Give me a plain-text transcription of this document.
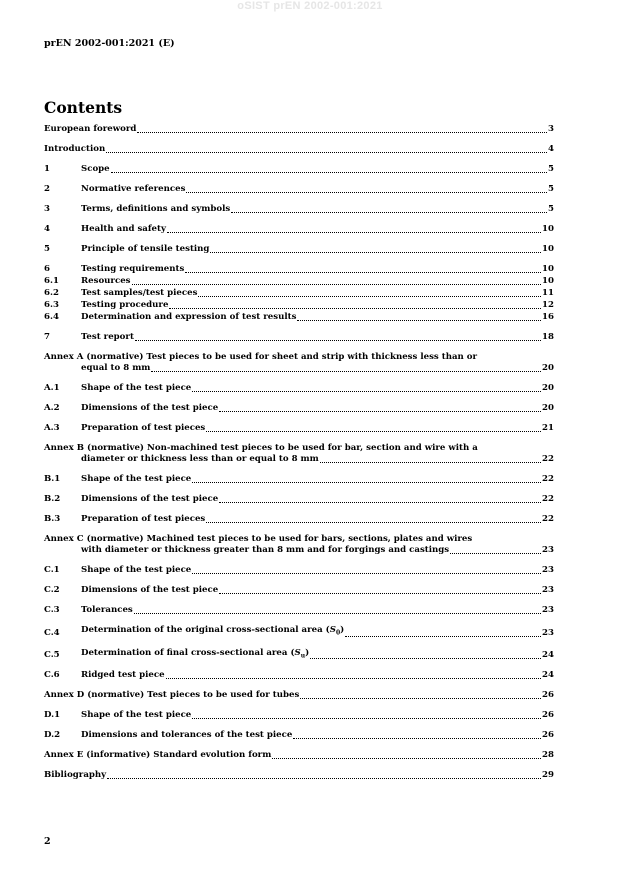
oSIST prEN 2002-001:2021
prEN 2002-001:2021 (E)
Contents
European foreword	3
Introduction	4
1	Scope	5
2	Normative references	5
3	Terms, definitions and symbols	5
4	Health and safety	10
5	Principle of tensile testing	10
6	Testing requirements	10
6.1	Resources	10
6.2	Test samples/test pieces	11
6.3	Testing procedure	12
6.4	Determination and expression of test results	16
7	Test report	18
Annex A (normative) Test pieces to be used for sheet and strip with thickness less than or
equal to 8 mm	20
A.1	Shape of the test piece	20
A.2	Dimensions of the test piece	20
A.3	Preparation of test pieces	21
Annex B (normative) Non-machined test pieces to be used for bar, section and wire with a
diameter or thickness less than or equal to 8 mm	22
B.1	Shape of the test piece	22
B.2	Dimensions of the test piece	22
B.3	Preparation of test pieces	22
Annex C (normative) Machined test pieces to be used for bars, sections, plates and wires
with diameter or thickness greater than 8 mm and for forgings and castings	23
C.1	Shape of the test piece	23
C.2	Dimensions of the test piece	23
C.3	Tolerances	23
C.4	Determination of the original cross-sectional area $(S_0)$	23
C.5	Determination of final cross-sectional area $(S_u)$	24
C.6	Ridged test piece	24
Annex D (normative) Test pieces to be used for tubes	26
D.1	Shape of the test piece	26
D.2	Dimensions and tolerances of the test piece	26
Annex E (informative) Standard evolution form	28
Bibliography	29
2
